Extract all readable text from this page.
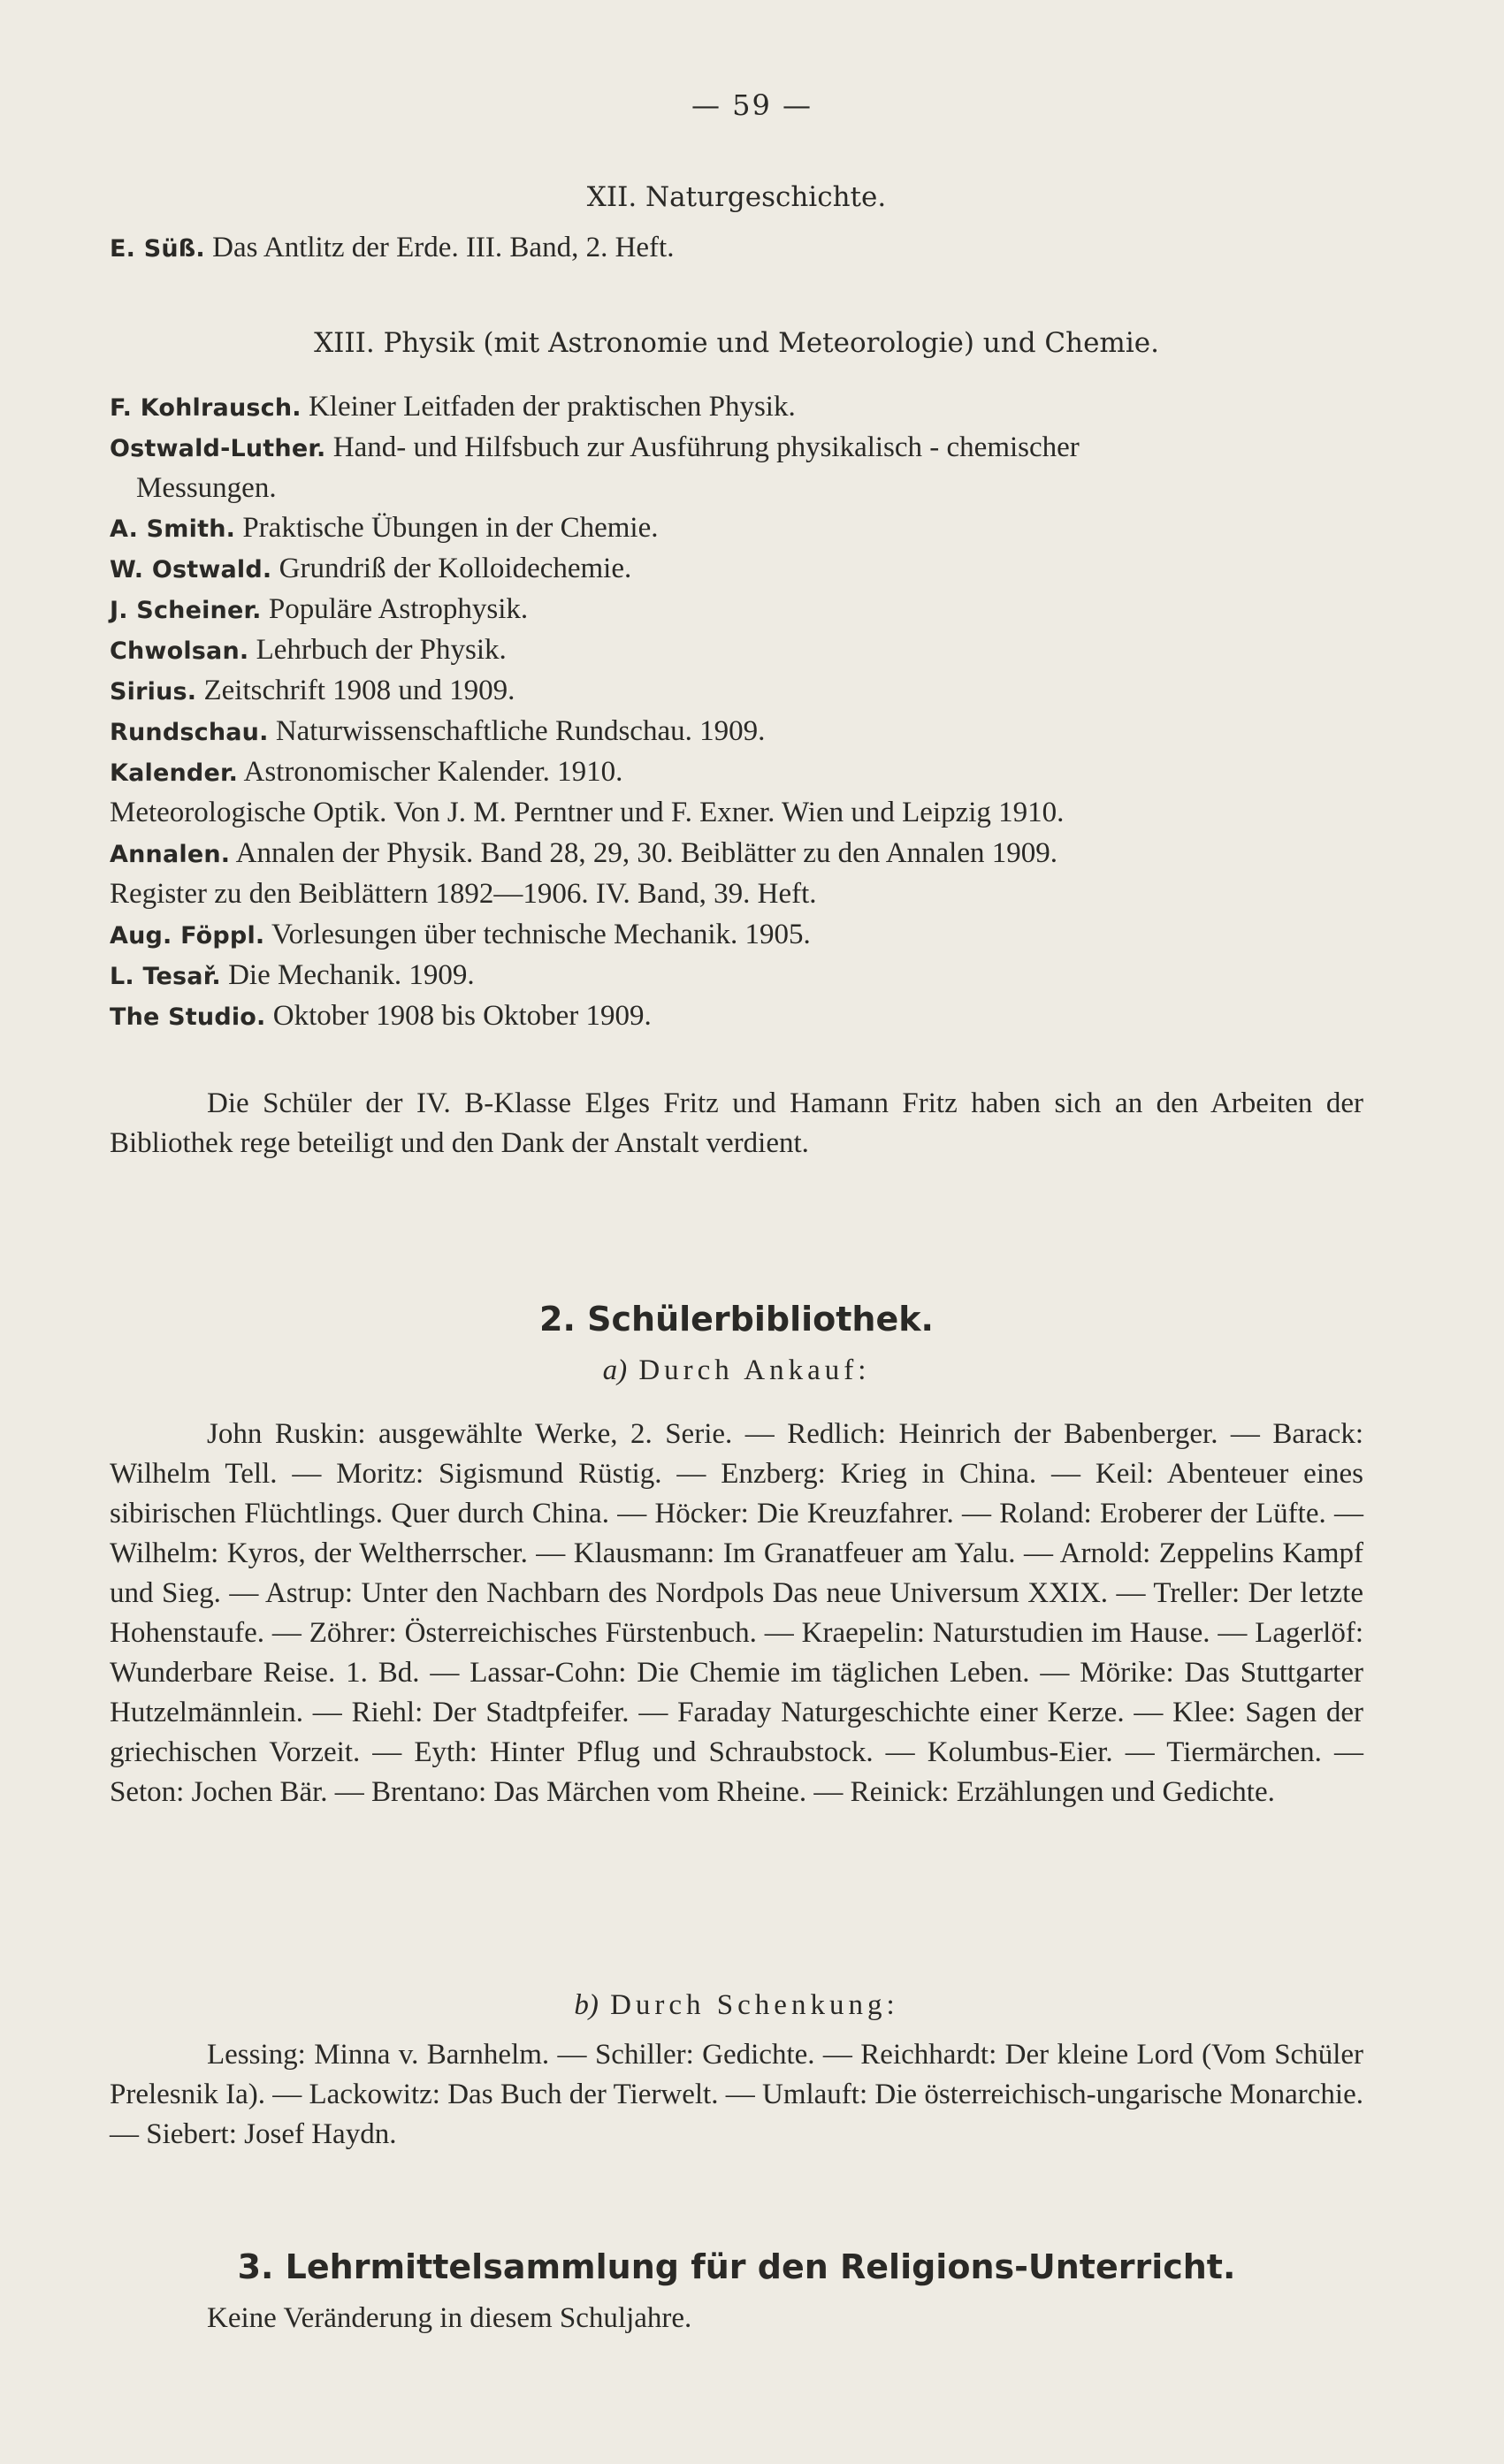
— 59 —
XII. Naturgeschichte.
E. Süß. Das Antlitz der Erde. III. Band, 2. Heft.
XIII. Physik (mit Astronomie und Meteorologie) und Chemie.
F. Kohlrausch. Kleiner Leitfaden der praktischen Physik.
Ostwald-Luther. Hand- und Hilfsbuch zur Ausführung physikalisch - chemischer
Messungen.
A. Smith. Praktische Übungen in der Chemie.
W. Ostwald. Grundriß der Kolloidechemie.
J. Scheiner. Populäre Astrophysik.
Chwolsan. Lehrbuch der Physik.
Sirius. Zeitschrift 1908 und 1909.
Rundschau. Naturwissenschaftliche Rundschau. 1909.
Kalender. Astronomischer Kalender. 1910.
Meteorologische Optik. Von J. M. Perntner und F. Exner. Wien und Leipzig 1910.
Annalen. Annalen der Physik. Band 28, 29, 30. Beiblätter zu den Annalen 1909.
Register zu den Beiblättern 1892—1906. IV. Band, 39. Heft.
Aug. Föppl. Vorlesungen über technische Mechanik. 1905.
L. Tesař. Die Mechanik. 1909.
The Studio. Oktober 1908 bis Oktober 1909.
Die Schüler der IV. B-Klasse Elges Fritz und Hamann Fritz haben sich an den Arbeiten der Bibliothek rege beteiligt und den Dank der Anstalt verdient.
2. Schülerbibliothek.
a) Durch Ankauf:
John Ruskin: ausgewählte Werke, 2. Serie. — Redlich: Heinrich der Babenberger. — Barack: Wilhelm Tell. — Moritz: Sigismund Rüstig. — Enzberg: Krieg in China. — Keil: Abenteuer eines sibirischen Flüchtlings. Quer durch China. — Höcker: Die Kreuzfahrer. — Roland: Eroberer der Lüfte. — Wilhelm: Kyros, der Weltherrscher. — Klausmann: Im Granatfeuer am Yalu. — Arnold: Zeppelins Kampf und Sieg. — Astrup: Unter den Nachbarn des Nordpols Das neue Universum XXIX. — Treller: Der letzte Hohenstaufe. — Zöhrer: Österreichisches Fürstenbuch. — Kraepelin: Naturstudien im Hause. — Lagerlöf: Wunderbare Reise. 1. Bd. — Lassar-Cohn: Die Chemie im täglichen Leben. — Mörike: Das Stuttgarter Hutzelmännlein. — Riehl: Der Stadtpfeifer. — Faraday Naturgeschichte einer Kerze. — Klee: Sagen der griechischen Vorzeit. — Eyth: Hinter Pflug und Schraubstock. — Kolumbus-Eier. — Tiermärchen. — Seton: Jochen Bär. — Brentano: Das Märchen vom Rheine. — Reinick: Erzählungen und Gedichte.
b) Durch Schenkung:
Lessing: Minna v. Barnhelm. — Schiller: Gedichte. — Reichhardt: Der kleine Lord (Vom Schüler Prelesnik Ia). — Lackowitz: Das Buch der Tierwelt. — Umlauft: Die österreichisch-ungarische Monarchie. — Siebert: Josef Haydn.
3. Lehrmittelsammlung für den Religions-Unterricht.
Keine Veränderung in diesem Schuljahre.
